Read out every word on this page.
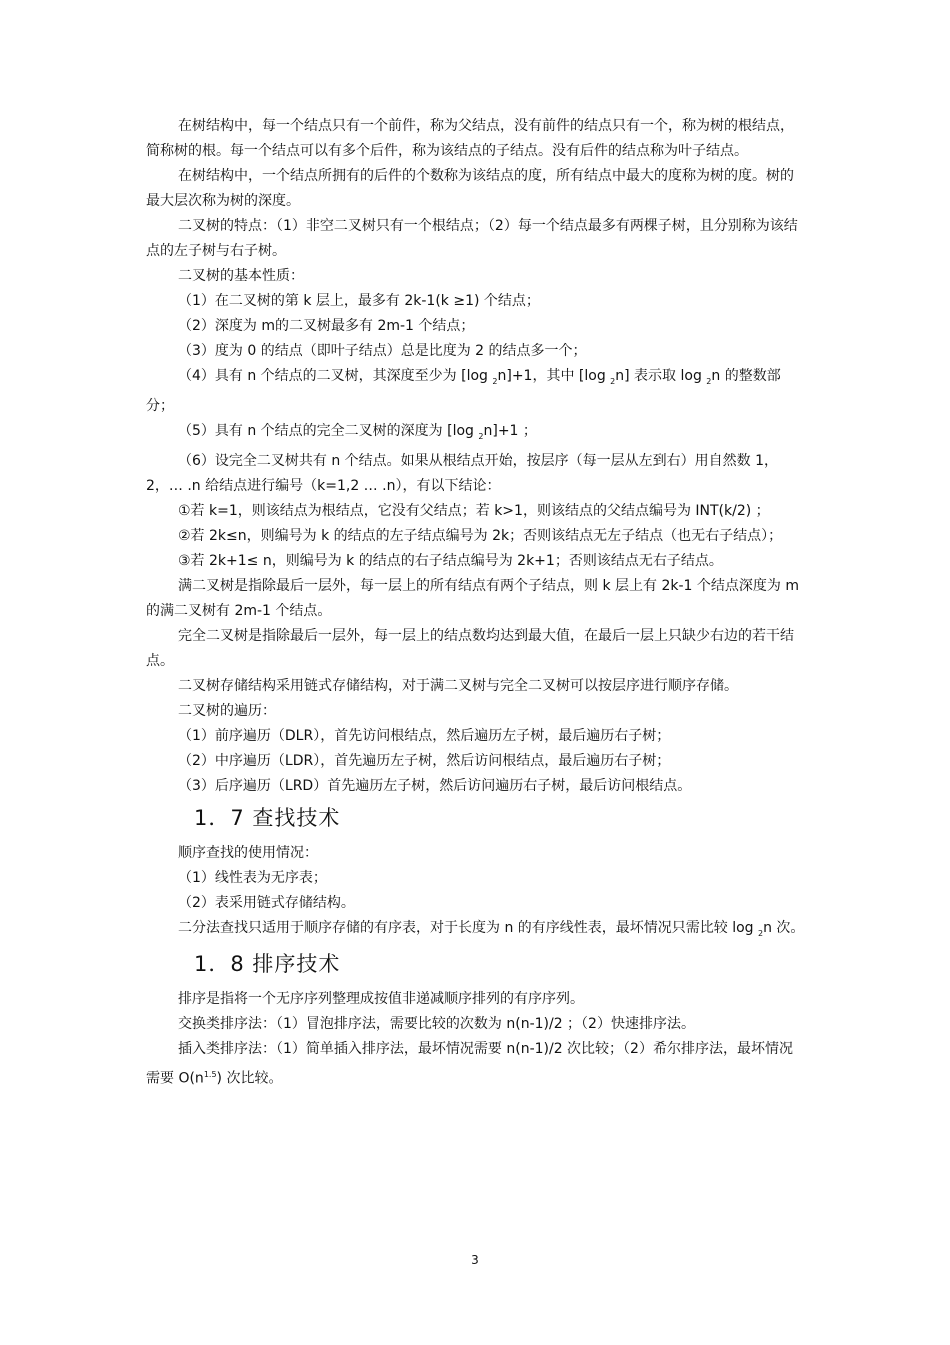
在树结构中，每一个结点只有一个前件，称为父结点，没有前件的结点只有一个，称为树的根结点，简称树的根。每一个结点可以有多个后件，称为该结点的子结点。没有后件的结点称为叶子结点。

在树结构中，一个结点所拥有的后件的个数称为该结点的度，所有结点中最大的度称为树的度。树的最大层次称为树的深度。

二叉树的特点：（1）非空二叉树只有一个根结点；（2）每一个结点最多有两棵子树，且分别称为该结点的左子树与右子树。

二叉树的基本性质：

（1）在二叉树的第 k 层上，最多有 2k-1(k ≥1) 个结点；

（2）深度为 m的二叉树最多有 2m-1 个结点；

（3）度为 0 的结点（即叶子结点）总是比度为 2 的结点多一个；

（4）具有 n 个结点的二叉树，其深度至少为 [log $_2$n]+1，其中 [log $_2$n] 表示取 log $_2$n 的整数部分；

（5）具有 n 个结点的完全二叉树的深度为 [log $_2$n]+1 ；

（6）设完全二叉树共有 n 个结点。如果从根结点开始，按层序（每一层从左到右）用自然数 1，2，… .n 给结点进行编号（k=1,2 … .n），有以下结论：

①若 k=1，则该结点为根结点，它没有父结点；若 k>1，则该结点的父结点编号为 INT(k/2) ；

②若 2k≤n，则编号为 k 的结点的左子结点编号为 2k；否则该结点无左子结点（也无右子结点）；

③若 2k+1≤ n，则编号为 k 的结点的右子结点编号为 2k+1；否则该结点无右子结点。

满二叉树是指除最后一层外，每一层上的所有结点有两个子结点，则 k 层上有 2k-1 个结点深度为 m的满二叉树有 2m-1 个结点。

完全二叉树是指除最后一层外，每一层上的结点数均达到最大值，在最后一层上只缺少右边的若干结点。

二叉树存储结构采用链式存储结构，对于满二叉树与完全二叉树可以按层序进行顺序存储。

二叉树的遍历：

（1）前序遍历（DLR），首先访问根结点，然后遍历左子树，最后遍历右子树；

（2）中序遍历（LDR），首先遍历左子树，然后访问根结点，最后遍历右子树；

（3）后序遍历（LRD）首先遍历左子树，然后访问遍历右子树，最后访问根结点。

1．7 查找技术

顺序查找的使用情况：

（1）线性表为无序表；

（2）表采用链式存储结构。

二分法查找只适用于顺序存储的有序表，对于长度为 n 的有序线性表，最坏情况只需比较 log $_2$n 次。

1．8 排序技术

排序是指将一个无序序列整理成按值非递减顺序排列的有序序列。

交换类排序法：（1）冒泡排序法，需要比较的次数为 n(n-1)/2 ；（2）快速排序法。

插入类排序法：（1）简单插入排序法，最坏情况需要 n(n-1)/2 次比较；（2）希尔排序法，最坏情况需要 $O(n^{1.5})$ 次比较。

3
